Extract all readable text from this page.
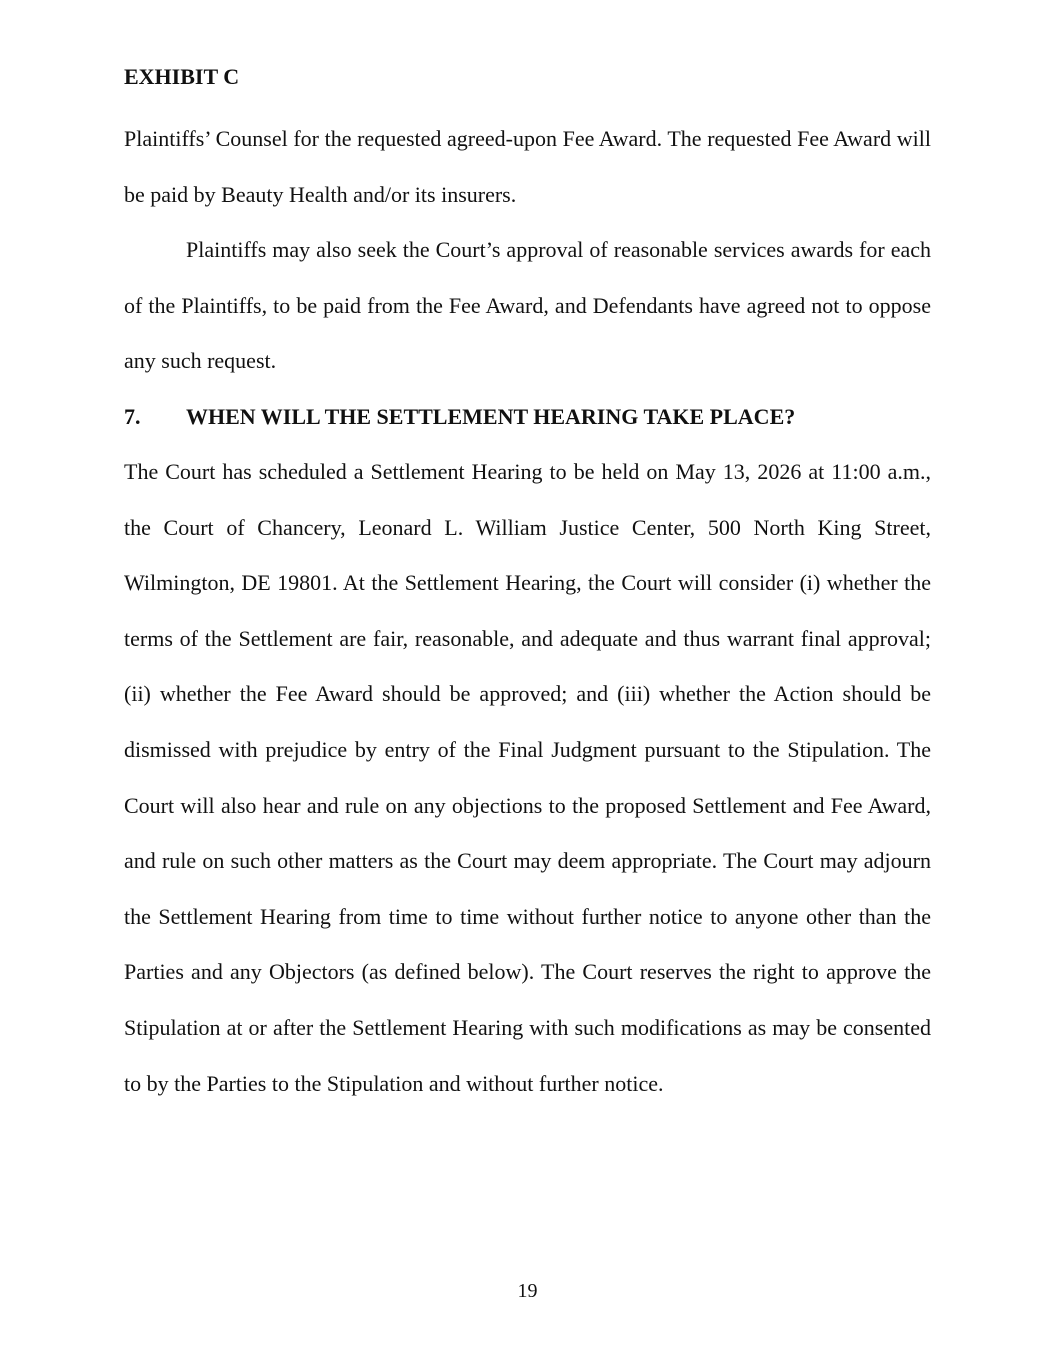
EXHIBIT C

Plaintiffs’ Counsel for the requested agreed-upon Fee Award. The requested Fee Award will be paid by Beauty Health and/or its insurers.

Plaintiffs may also seek the Court’s approval of reasonable services awards for each of the Plaintiffs, to be paid from the Fee Award, and Defendants have agreed not to oppose any such request.

7. WHEN WILL THE SETTLEMENT HEARING TAKE PLACE?

The Court has scheduled a Settlement Hearing to be held on May 13, 2026 at 11:00 a.m., the Court of Chancery, Leonard L. William Justice Center, 500 North King Street, Wilmington, DE 19801. At the Settlement Hearing, the Court will consider (i) whether the terms of the Settlement are fair, reasonable, and adequate and thus warrant final approval; (ii) whether the Fee Award should be approved; and (iii) whether the Action should be dismissed with prejudice by entry of the Final Judgment pursuant to the Stipulation. The Court will also hear and rule on any objections to the proposed Settlement and Fee Award, and rule on such other matters as the Court may deem appropriate. The Court may adjourn the Settlement Hearing from time to time without further notice to anyone other than the Parties and any Objectors (as defined below). The Court reserves the right to approve the Stipulation at or after the Settlement Hearing with such modifications as may be consented to by the Parties to the Stipulation and without further notice.

19
